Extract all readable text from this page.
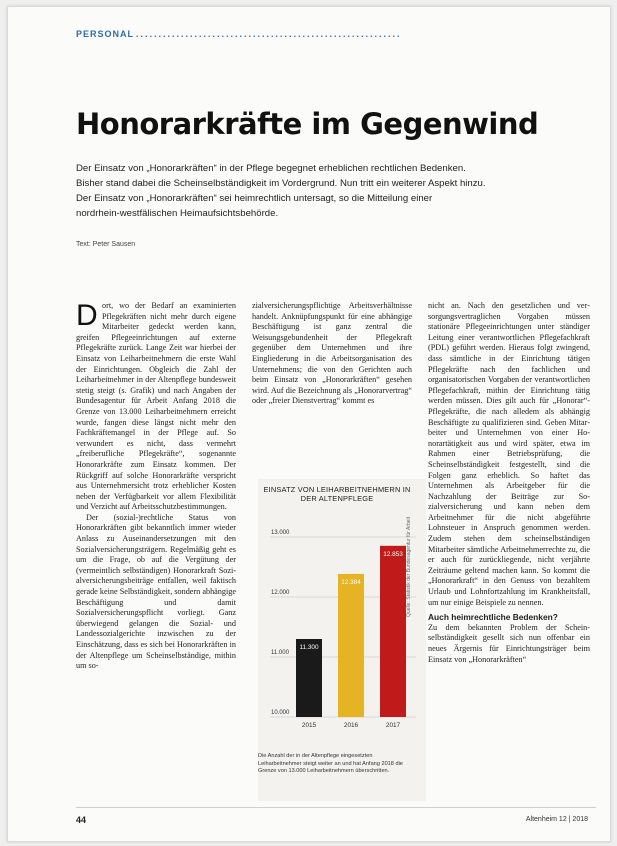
PERSONAL ...........................................................
Honorarkräfte im Gegenwind

Der Einsatz von „Honorarkräften“ in der Pflege begegnet erheblichen rechtlichen Bedenken.

Bisher stand dabei die Scheinselbständigkeit im Vordergrund. Nun tritt ein weiterer Aspekt hinzu.

Der Einsatz von „Honorarkräften“ sei heimrechtlich untersagt, so die Mitteilung einer

nordrhein-westfälischen Heimaufsichtsbehörde.

Text: Peter Sausen

Dort, wo der Bedarf an examinierten Pflegekräften nicht mehr durch eigene Mitarbeiter gedeckt werden kann, greifen Pflegeeinrichtungen auf externe Pflegekräfte zurück. Lange Zeit war hierbei der Einsatz von Leiharbeitnehmern die erste Wahl der Einrichtungen. Obgleich die Zahl der Leiharbeitnehmer in der Altenpflege bundesweit stetig steigt (s. Grafik) und nach Angaben der Bundesagentur für Arbeit Anfang 2018 die Grenze von 13.000 Leiharbeitnehmern erreicht wurde, fangen diese längst nicht mehr den Fachkräftemangel in der Pflege auf. So verwundert es nicht, dass vermehrt „freiberufliche Pflegekräfte“, sogenannte Honorarkräfte zum Einsatz kommen. Der Rückgriff auf solche Honorarkräfte verspricht aus Unternehmersicht trotz erheblicher Kosten neben der Verfügbarkeit vor allem Flexibilität und Verzicht auf Arbeitsschutzbestimmungen.

Der (sozial-)rechtliche Status von Honorarkräften gibt bekanntlich immer wieder Anlass zu Auseinandersetzungen mit den Sozialversicherungsträgern. Regelmäßig geht es um die Frage, ob auf die Vergütung der (vermeintlich selbständigen) Honorarkraft Sozialversicherungsbeiträge entfallen, weil faktisch gerade keine Selbständigkeit, sondern abhängige Beschäftigung und damit Sozialversicherungspflicht vorliegt. Ganz überwiegend gelangen die Sozial- und Landessozialgerichte inzwischen zu der Einschätzung, dass es sich bei Honorarkräften in der Altenpflege um Scheinselbständige, mithin um so-

zialversicherungspflichtige Arbeitsverhältnisse handelt. Anknüpfungspunkt für eine abhängige Beschäftigung ist ganz zentral die Weisungsgebundenheit der Pflegekraft gegenüber dem Unternehmen und ihre Eingliederung in die Arbeitsorganisation des Unternehmens; die von den Gerichten auch beim Einsatz von „Honorarkräften“ gesehen wird. Auf die Bezeichnung als „Honorarvertrag“ oder „freier Dienstvertrag“ kommt es

nicht an. Nach den gesetzlichen und versorgungsvertraglichen Vorgaben müssen stationäre Pflegeeinrichtungen unter ständiger Leitung einer verantwortlichen Pflegefachkraft (PDL) geführt werden. Hieraus folgt zwingend, dass sämtliche in der Einrichtung tätigen Pflegekräfte nach den fachlichen und organisatorischen Vorgaben der verantwortlichen Pflegefachkraft, mithin der Einrichtung tätig werden müssen. Dies gilt auch für „Honorar“-Pflegekräfte, die nach alledem als abhängig Beschäftigte zu qualifizieren sind. Geben Mitarbeiter und Unternehmen von einer Honorartätigkeit aus und wird später, etwa im Rahmen einer Betriebsprüfung, die Scheinselbständigkeit festgestellt, sind die Folgen ganz erheblich. So haftet das Unternehmen als Arbeitgeber für die Nachzahlung der Beiträge zur Sozialversicherung und kann neben dem Arbeitnehmer für die nicht abgeführte Lohnsteuer in Anspruch genommen werden. Zudem stehen dem scheinselbständigen Mitarbeiter sämtliche Arbeitnehmerrechte zu, die er auch für zurückliegende, nicht verjährte Zeiträume geltend machen kann. So kommt die „Honorarkraft“ in den Genuss von bezahltem Urlaub und Lohnfortzahlung im Krankheitsfall, um nur einige Beispiele zu nennen.

Auch heimrechtliche Bedenken?

Zu dem bekannten Problem der Scheinselbständigkeit gesellt sich nun offenbar ein neues Ärgernis für Einrichtungsträger beim Einsatz von „Honorarkräften“

EINSATZ VON LEIHARBEITNEHMERN IN DER ALTENPFLEGE
10.000
11.000
12.000
13.000
11.300
2015
12.384
2016
12.853
2017
Die Anzahl der in der Altenpflege eingesetzten Leiharbeitnehmer steigt weiter an und hat Anfang 2018 die Grenze von 13.000 Leiharbeitnehmern überschritten.
Quelle: Statistik der Bundesagentur für Arbeit
44	Altenheim 12 | 2018
